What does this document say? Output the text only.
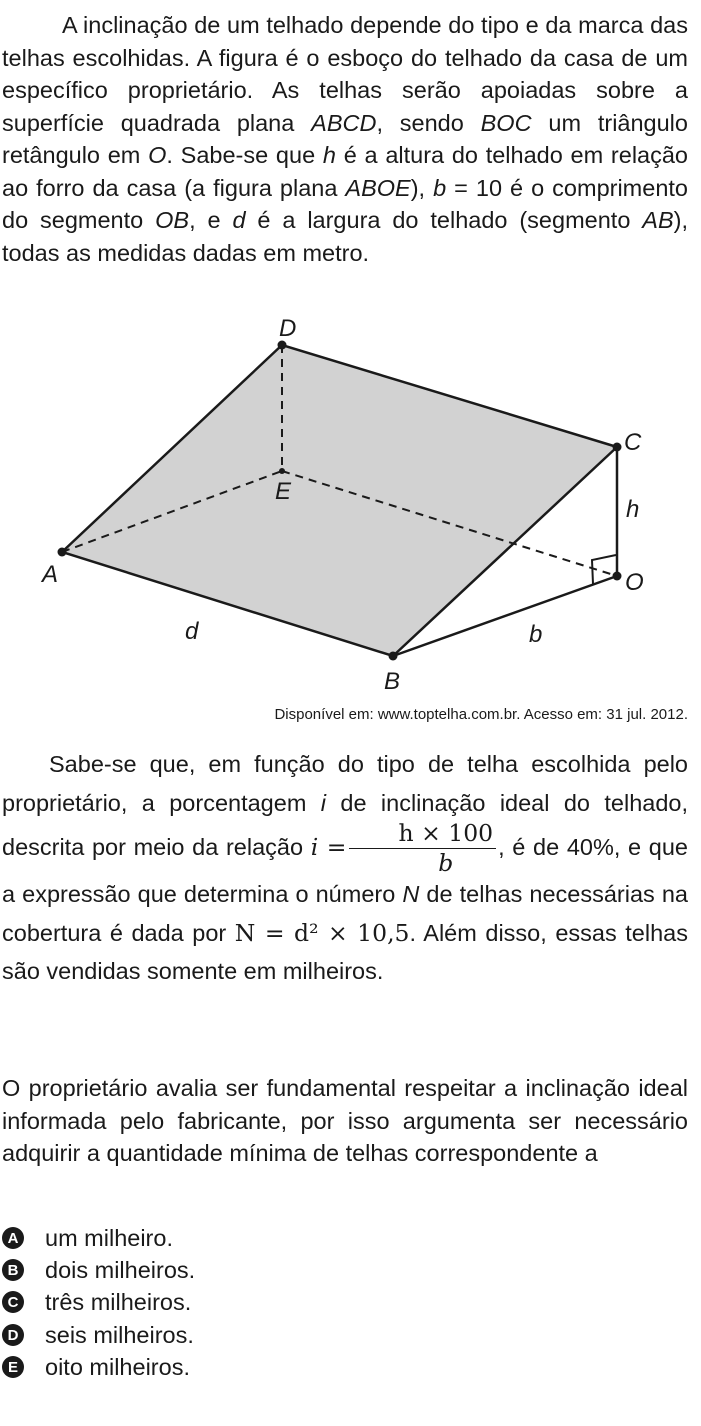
A inclinação de um telhado depende do tipo e da marca das telhas escolhidas. A figura é o esboço do telhado da casa de um específico proprietário. As telhas serão apoiadas sobre a superfície quadrada plana ABCD, sendo BOC um triângulo retângulo em O. Sabe-se que h é a altura do telhado em relação ao forro da casa (a figura plana ABOE), b = 10 é o comprimento do segmento OB, e d é a largura do telhado (segmento AB), todas as medidas dadas em metro.

D
C
h
E
A	O
d	b
B
Disponível em: www.toptelha.com.br. Acesso em: 31 jul. 2012.

Sabe-se que, em função do tipo de telha escolhida pelo proprietário, a porcentagem i de inclinação ideal do telhado, descrita por meio da relação $i = \frac{h \times 100}{b}$ , é de 40%, e que a expressão que determina o número N de telhas necessárias na cobertura é dada por N = d² × 10,5. Além disso, essas telhas são vendidas somente em milheiros.

O proprietário avalia ser fundamental respeitar a inclinação ideal informada pelo fabricante, por isso argumenta ser necessário adquirir a quantidade mínima de telhas correspondente a

A um milheiro.
B dois milheiros.
C três milheiros.
D seis milheiros.
E oito milheiros.
